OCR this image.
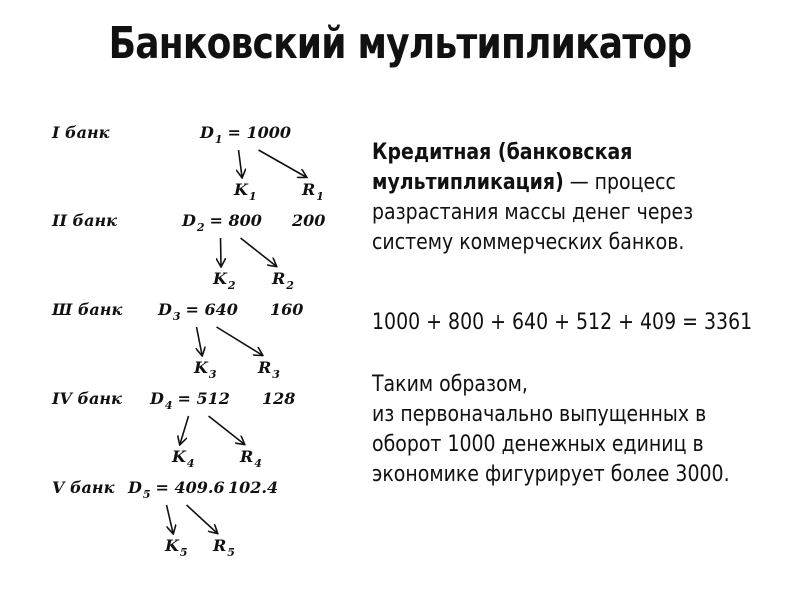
Банковский мультипликатор
I банк	D 1 = 1000
K 1	R 1
II банк	D 2 = 800 200
K 2 R 2
Ш банк D 3 = 640 160
K 3	R 3
IV банк D 4 = 512 128
K 4	R 4
V банк D 5 = 409.6 102.4
K 5 R 5
Кредитная (банковская
мультипликация) — процесс
разрастания массы денег через
систему коммерческих банков.
1000 + 800 + 640 + 512 + 409 = 3361
Таким образом,
из первоначально выпущенных в
оборот 1000 денежных единиц в
экономике фигурирует более 3000.
